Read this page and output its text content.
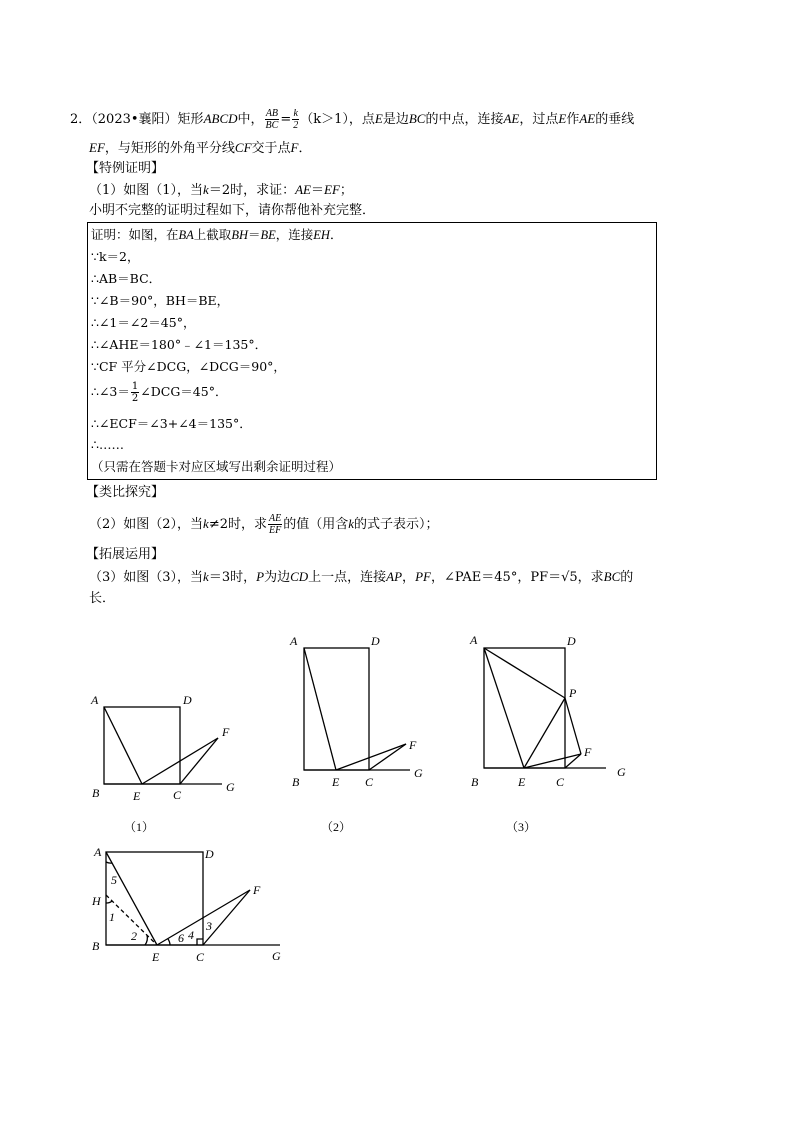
2．（2023•襄阳）矩形ABCD中， $\frac{AB}{BC} = \frac{k}{2} (k>1)$，点E是边BC的中点，连接AE，过点E作AE的垂线
EF，与矩形的外角平分线CF交于点F．
【特例证明】
（1）如图（1），当k＝2时，求证：AE＝EF；
小明不完整的证明过程如下，请你帮他补充完整．
证明：如图，在BA上截取BH＝BE，连接EH．
∵k＝2，
∴AB＝BC．
∵∠B＝90°，BH＝BE，
∴∠1＝∠2＝45°，
∴∠AHE＝180°﹣∠1＝135°．
∵CF 平分∠DCG，∠DCG＝90°，
∴∠3＝ $\frac{1}{2}$ ∠DCG＝45°．
∴∠ECF＝∠3+∠4＝135°．
∴……
（只需在答题卡对应区域写出剩余证明过程）
【类比探究】
（2）如图（2），当k≠2时，求 $\frac{AE}{EF}$ 的值（用含k的式子表示）；
【拓展运用】
（3）如图（3），当k＝3时，P为边CD上一点，连接AP，PF，∠PAE＝45°，PF＝√5，求BC的
长．
A	D
B	E	C
F
G
（1）
A	D
B	E C
F
G
（2）
A	D
P
F
B	E	C
G
（3）
A	D
H
B
E	C
F
G
5
1
2	6 4
3
